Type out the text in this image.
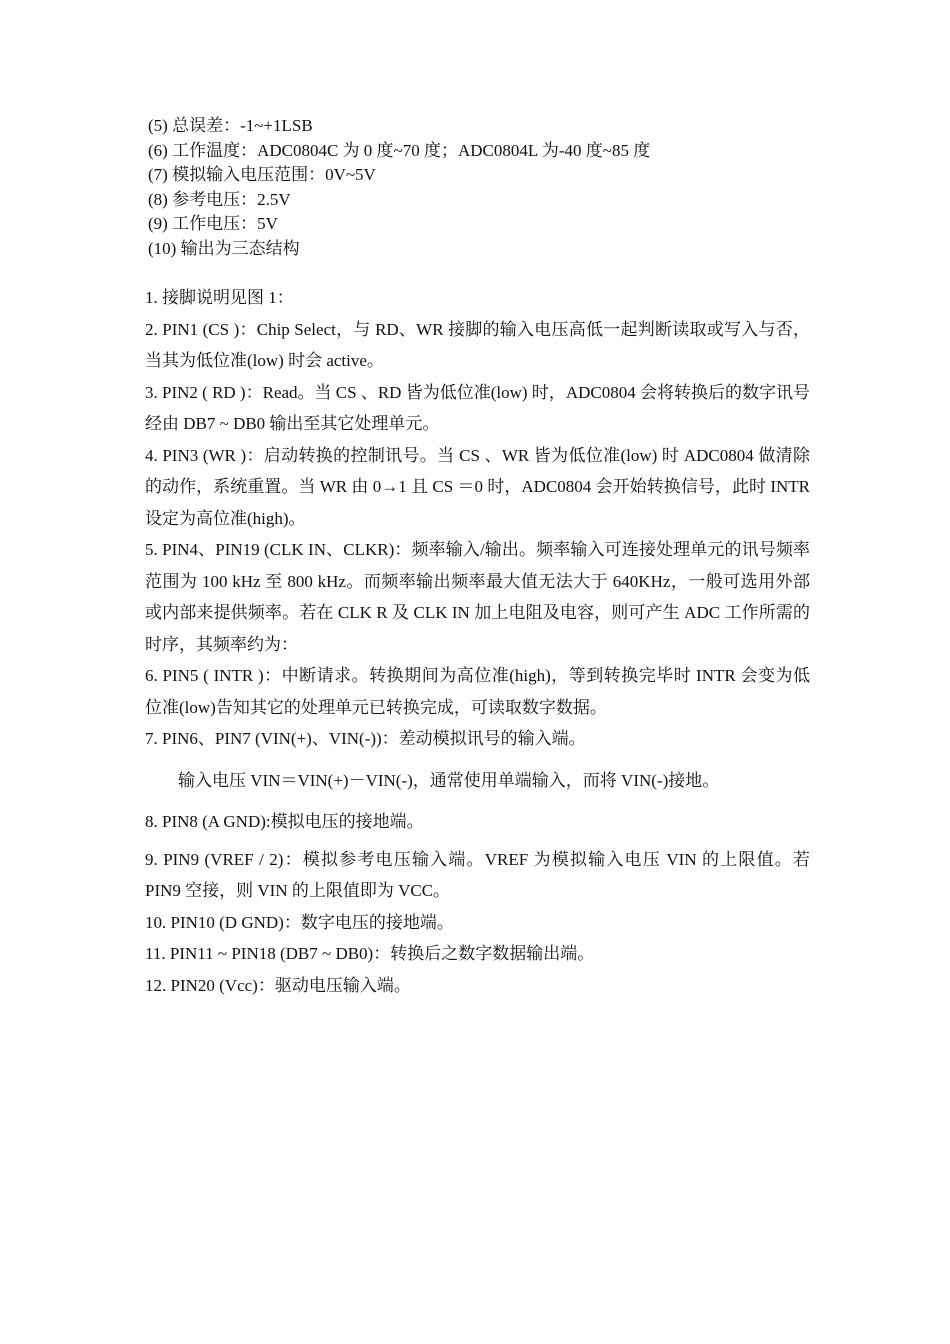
(5) 总误差：-1~+1LSB
(6) 工作温度：ADC0804C 为 0 度~70 度；ADC0804L 为-40 度~85 度
(7) 模拟输入电压范围：0V~5V
(8) 参考电压：2.5V
(9) 工作电压：5V
(10) 输出为三态结构

1. 接脚说明见图 1：

2. PIN1 (CS )：Chip Select，与 RD、WR 接脚的输入电压高低一起判断读取或写入与否，当其为低位准(low) 时会 active。

3. PIN2 ( RD )：Read。当 CS 、RD 皆为低位准(low) 时，ADC0804 会将转换后的数字讯号经由 DB7 ~ DB0 输出至其它处理单元。

4. PIN3 (WR )：启动转换的控制讯号。当 CS 、WR 皆为低位准(low) 时 ADC0804 做清除的动作，系统重置。当 WR 由 0→1 且 CS ＝0 时，ADC0804 会开始转换信号，此时 INTR 设定为高位准(high)。

5. PIN4、PIN19 (CLK IN、CLKR)：频率输入/输出。频率输入可连接处理单元的讯号频率范围为 100 kHz 至 800 kHz。而频率输出频率最大值无法大于 640KHz，一般可选用外部或内部来提供频率。若在 CLK R 及 CLK IN 加上电阻及电容，则可产生 ADC 工作所需的时序，其频率约为：

6. PIN5 ( INTR )：中断请求。转换期间为高位准(high)，等到转换完毕时 INTR 会变为低位准(low)告知其它的处理单元已转换完成，可读取数字数据。

7. PIN6、PIN7 (VIN(+)、VIN(-))：差动模拟讯号的输入端。

输入电压 VIN＝VIN(+)－VIN(-)，通常使用单端输入，而将 VIN(-)接地。

8. PIN8 (A GND):模拟电压的接地端。

9. PIN9 (VREF / 2)：模拟参考电压输入端。VREF 为模拟输入电压 VIN 的上限值。若 PIN9 空接，则 VIN 的上限值即为 VCC。

10. PIN10 (D GND)：数字电压的接地端。

11. PIN11 ~ PIN18 (DB7 ~ DB0)：转换后之数字数据输出端。

12. PIN20 (Vcc)：驱动电压输入端。
